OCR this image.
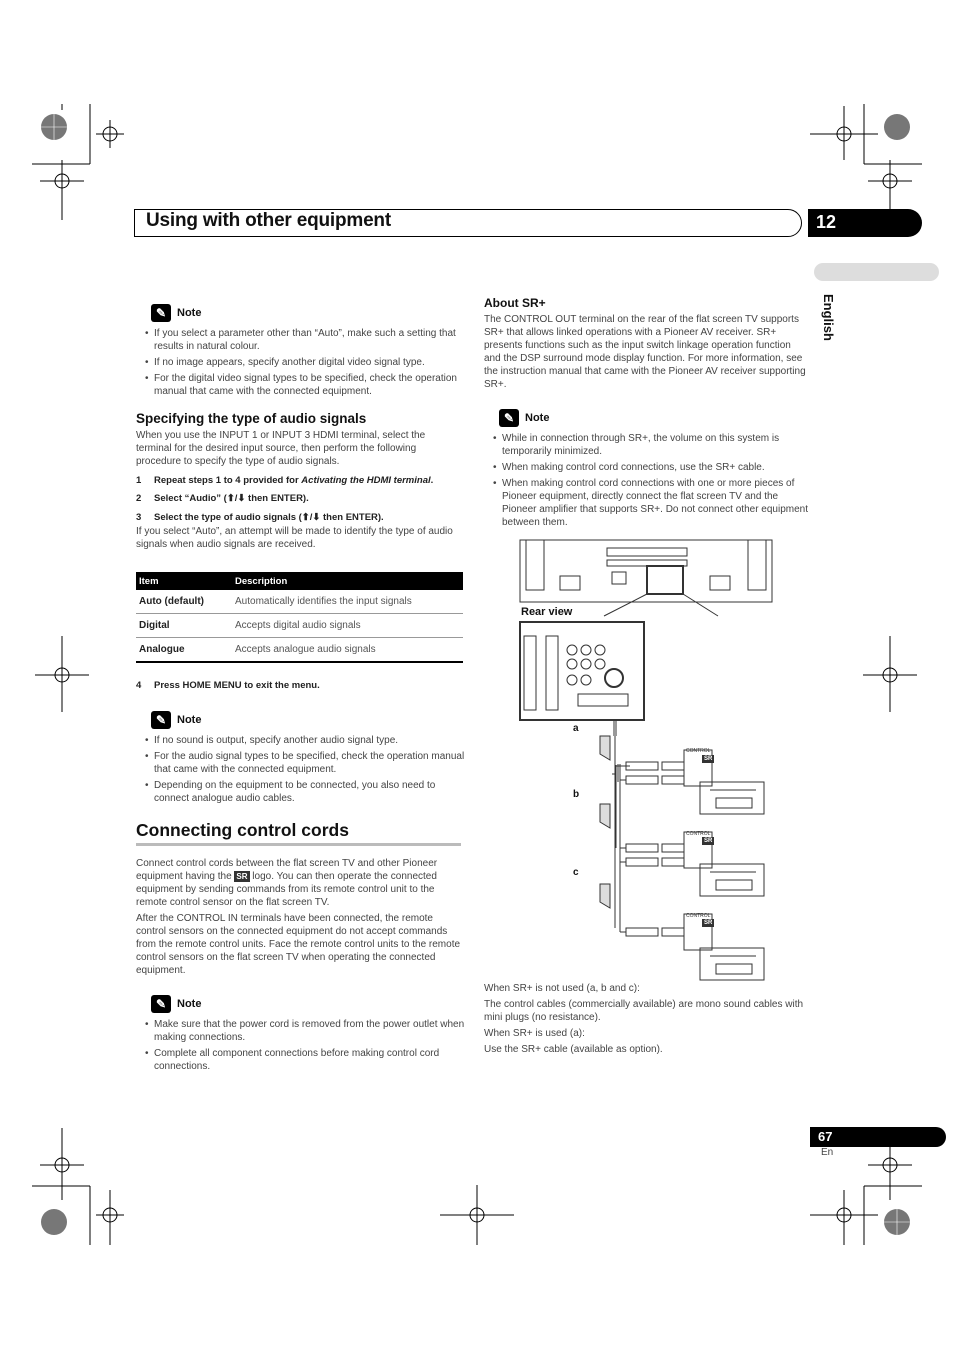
Using with other equipment	12
English
✎ Note
• If you select a parameter other than “Auto”, make such a setting that results in natural colour.
• If no image appears, specify another digital video signal type.
• For the digital video signal types to be specified, check the operation manual that came with the connected equipment.
Specifying the type of audio signals
When you use the INPUT 1 or INPUT 3 HDMI terminal, select the terminal for the desired input source, then perform the following procedure to specify the type of audio signals.
1 Repeat steps 1 to 4 provided for Activating the HDMI terminal.
2 Select “Audio” (⬆/⬇ then ENTER).
3 Select the type of audio signals (⬆/⬇ then ENTER).
If you select “Auto”, an attempt will be made to identify the type of audio signals when audio signals are received.
Item	Description
Auto (default)	Automatically identifies the input signals
Digital	Accepts digital audio signals
Analogue	Accepts analogue audio signals
4 Press HOME MENU to exit the menu.
✎ Note
• If no sound is output, specify another audio signal type.
• For the audio signal types to be specified, check the operation manual that came with the connected equipment.
• Depending on the equipment to be connected, you also need to connect analogue audio cables.
Connecting control cords
Connect control cords between the flat screen TV and other Pioneer equipment having the SR logo. You can then operate the connected equipment by sending commands from its remote control unit to the remote control sensor on the flat screen TV.
After the CONTROL IN terminals have been connected, the remote control sensors on the connected equipment do not accept commands from the remote control units. Face the remote control units to the remote control sensors on the flat screen TV when operating the connected equipment.
✎ Note
• Make sure that the power cord is removed from the power outlet when making connections.
• Complete all component connections before making control cord connections.
About SR+
The CONTROL OUT terminal on the rear of the flat screen TV supports SR+ that allows linked operations with a Pioneer AV receiver. SR+ presents functions such as the input switch linkage operation function and the DSP surround mode display function. For more information, see the instruction manual that came with the Pioneer AV receiver supporting SR+.
✎ Note
• While in connection through SR+, the volume on this system is temporarily minimized.
• When making control cord connections, use the SR+ cable.
• When making control cord connections with one or more pieces of Pioneer equipment, directly connect the flat screen TV and the Pioneer amplifier that supports SR+. Do not connect other equipment between them.
Rear view
a
b
c
CONTROL
CONTROL
CONTROL
SR
SR
SR
When SR+ is not used (a, b and c):
The control cables (commercially available) are mono sound cables with mini plugs (no resistance).
When SR+ is used (a):
Use the SR+ cable (available as option).
67
En
